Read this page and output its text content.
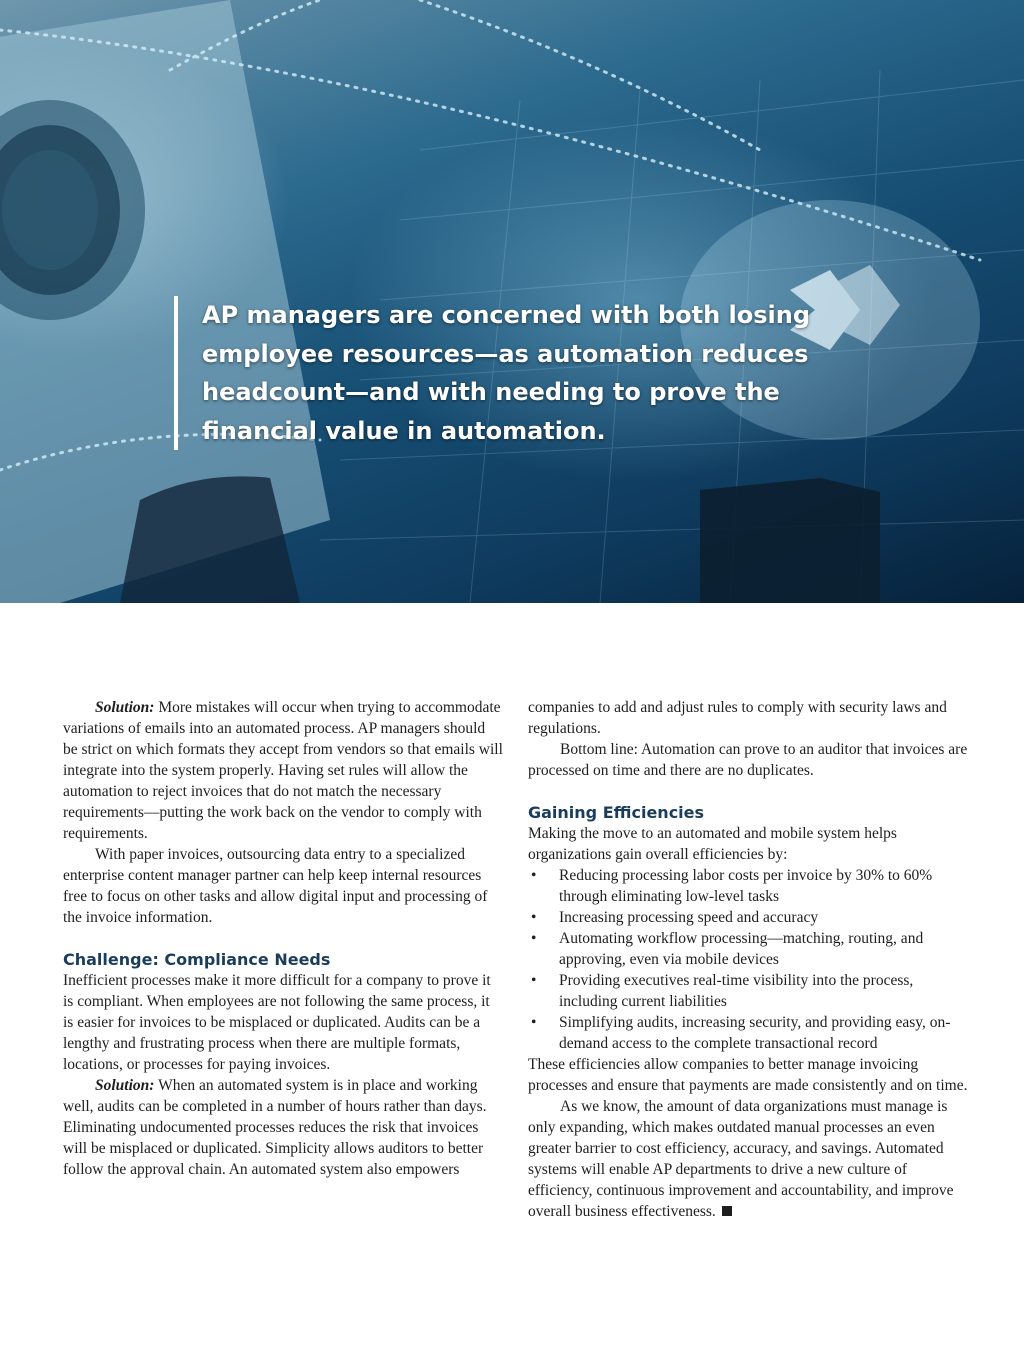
AP managers are concerned with both losing employee resources—as automation reduces headcount—and with needing to prove the financial value in automation.

Solution: More mistakes will occur when trying to accommodate variations of emails into an automated process. AP managers should be strict on which formats they accept from vendors so that emails will integrate into the system properly. Having set rules will allow the automation to reject invoices that do not match the necessary requirements—putting the work back on the vendor to comply with requirements.

With paper invoices, outsourcing data entry to a specialized enterprise content manager partner can help keep internal resources free to focus on other tasks and allow digital input and processing of the invoice information.

Challenge: Compliance Needs

Inefficient processes make it more difficult for a company to prove it is compliant. When employees are not following the same process, it is easier for invoices to be misplaced or duplicated. Audits can be a lengthy and frustrating process when there are multiple formats, locations, or processes for paying invoices.

Solution: When an automated system is in place and working well, audits can be completed in a number of hours rather than days. Eliminating undocumented processes reduces the risk that invoices will be misplaced or duplicated. Simplicity allows auditors to better follow the approval chain. An automated system also empowers

companies to add and adjust rules to comply with security laws and regulations.

Bottom line: Automation can prove to an auditor that invoices are processed on time and there are no duplicates.

Gaining Efficiencies

Making the move to an automated and mobile system helps organizations gain overall efficiencies by:

• Reducing processing labor costs per invoice by 30% to 60% through eliminating low-level tasks
• Increasing processing speed and accuracy
• Automating workflow processing—matching, routing, and approving, even via mobile devices
• Providing executives real-time visibility into the process, including current liabilities
• Simplifying audits, increasing security, and providing easy, on-demand access to the complete transactional record

These efficiencies allow companies to better manage invoicing processes and ensure that payments are made consistently and on time.

As we know, the amount of data organizations must manage is only expanding, which makes outdated manual processes an even greater barrier to cost efficiency, accuracy, and savings. Automated systems will enable AP departments to drive a new culture of efficiency, continuous improvement and accountability, and improve overall business effectiveness.
